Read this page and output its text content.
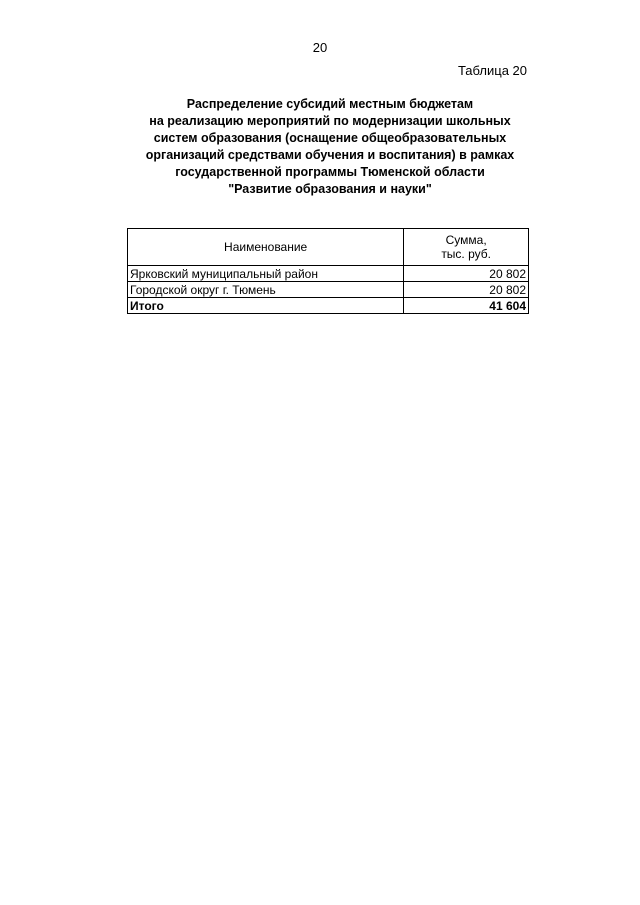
20
Таблица 20
Распределение субсидий местным бюджетам
на реализацию мероприятий по модернизации школьных
систем образования (оснащение общеобразовательных
организаций средствами обучения и воспитания) в рамках
государственной программы Тюменской области
"Развитие образования и науки"
Наименование	Сумма,
тыс. руб.

Ярковский муниципальный район	20 802
Городской округ г. Тюмень	20 802
Итого	41 604
